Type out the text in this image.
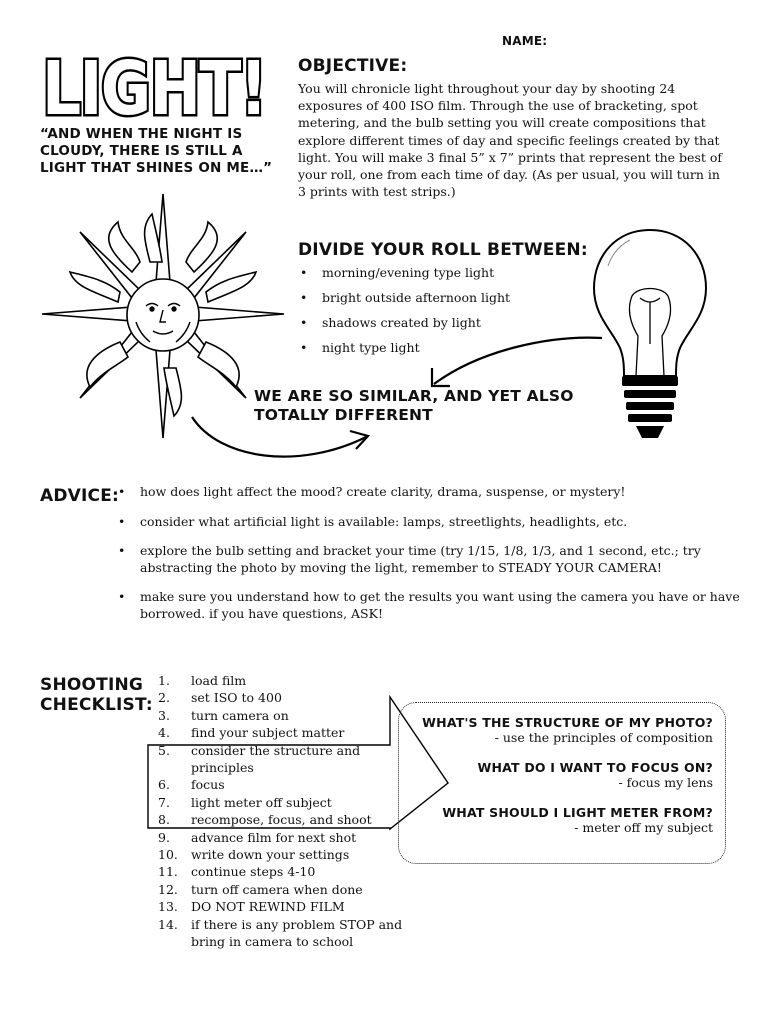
NAME:
LIGHT!
“AND WHEN THE NIGHT IS CLOUDY, THERE IS STILL A LIGHT THAT SHINES ON ME…”
OBJECTIVE:
You will chronicle light throughout your day by shooting 24 exposures of 400 ISO film. Through the use of bracketing, spot metering, and the bulb setting you will create compositions that explore different times of day and specific feelings created by that light. You will make 3 final 5” x 7” prints that represent the best of your roll, one from each time of day. (As per usual, you will turn in 3 prints with test strips.)
DIVIDE YOUR ROLL BETWEEN:
• morning/evening type light
• bright outside afternoon light
• shadows created by light
• night type light
WE ARE SO SIMILAR, AND YET ALSO TOTALLY DIFFERENT
ADVICE:
•	how does light affect the mood? create clarity, drama, suspense, or mystery!
• consider what artificial light is available: lamps, streetlights, headlights, etc.
• explore the bulb setting and bracket your time (try 1/15, 1/8, 1/3, and 1 second, etc.; try abstracting the photo by moving the light, remember to STEADY YOUR CAMERA!
• make sure you understand how to get the results you want using the camera you have or have borrowed. if you have questions, ASK!
SHOOTING
CHECKLIST:
1.	load film
2.	set ISO to 400
3.	turn camera on
4.	find your subject matter
5.	consider the structure and principles
6.	focus
7.	light meter off subject
8.	recompose, focus, and shoot
9.	advance film for next shot
10.	write down your settings
11.	continue steps 4-10
12.	turn off camera when done
13.	DO NOT REWIND FILM
14.	if there is any problem STOP and bring in camera to school
WHAT'S THE STRUCTURE OF MY PHOTO?
- use the principles of composition
WHAT DO I WANT TO FOCUS ON?
- focus my lens
WHAT SHOULD I LIGHT METER FROM?
- meter off my subject
